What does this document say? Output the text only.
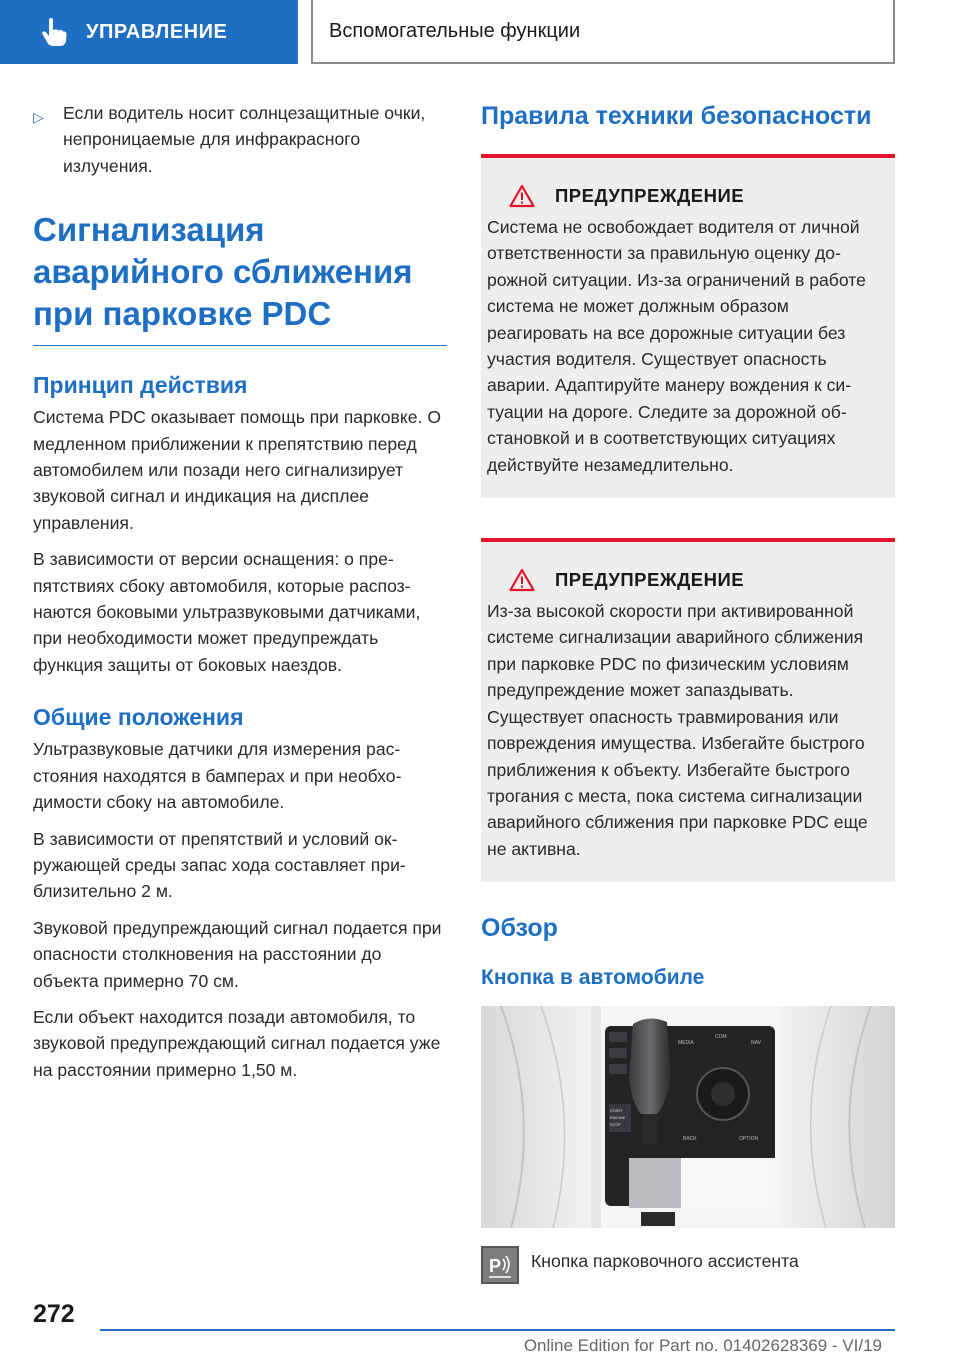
УПРАВЛЕНИЕ	Вспомогательные функции
▷	Если водитель носит солнцезащитные очки, непроницаемые для инфракрасного излучения.
Сигнализация аварийного сближения при парковке PDC
Принцип действия

Система PDC оказывает помощь при парковке. О медленном приближении к препятствию перед автомобилем или позади него сигнализирует звуковой сигнал и индикация на дисплее управления.

В зависимости от версии оснащения: о препятствиях сбоку автомобиля, которые распознаются боковыми ультразвуковыми датчиками, при необходимости может предупреждать функция защиты от боковых наездов.

Общие положения

Ультразвуковые датчики для измерения расстояния находятся в бамперах и при необходимости сбоку на автомобиле.

В зависимости от препятствий и условий окружающей среды запас хода составляет приблизительно 2 м.

Звуковой предупреждающий сигнал подается при опасности столкновения на расстоянии до объекта примерно 70 см.

Если объект находится позади автомобиля, то звуковой предупреждающий сигнал подается уже на расстоянии примерно 1,50 м.

Правила техники безопасности
ПРЕДУПРЕЖДЕНИЕ

Система не освобождает водителя от личной ответственности за правильную оценку дорожной ситуации. Из-за ограничений в работе система не может должным образом реагировать на все дорожные ситуации без участия водителя. Существует опасность аварии. Адаптируйте манеру вождения к ситуации на дороге. Следите за дорожной обстановкой и в соответствующих ситуациях действуйте незамедлительно.

ПРЕДУПРЕЖДЕНИЕ

Из-за высокой скорости при активированной системе сигнализации аварийного сближения при парковке PDC по физическим условиям предупреждение может запаздывать. Существует опасность травмирования или повреждения имущества. Избегайте быстрого приближения к объекту. Избегайте быстрого трогания с места, пока система сигнализации аварийного сближения при парковке PDC еще не активна.

Обзор
Кнопка в автомобиле
MEDIA
COM
NAV
BACK	OPTION
START
ENGINE
STOP
P Кнопка парковочного ассистента
272
Online Edition for Part no. 01402628369 - VI/19
